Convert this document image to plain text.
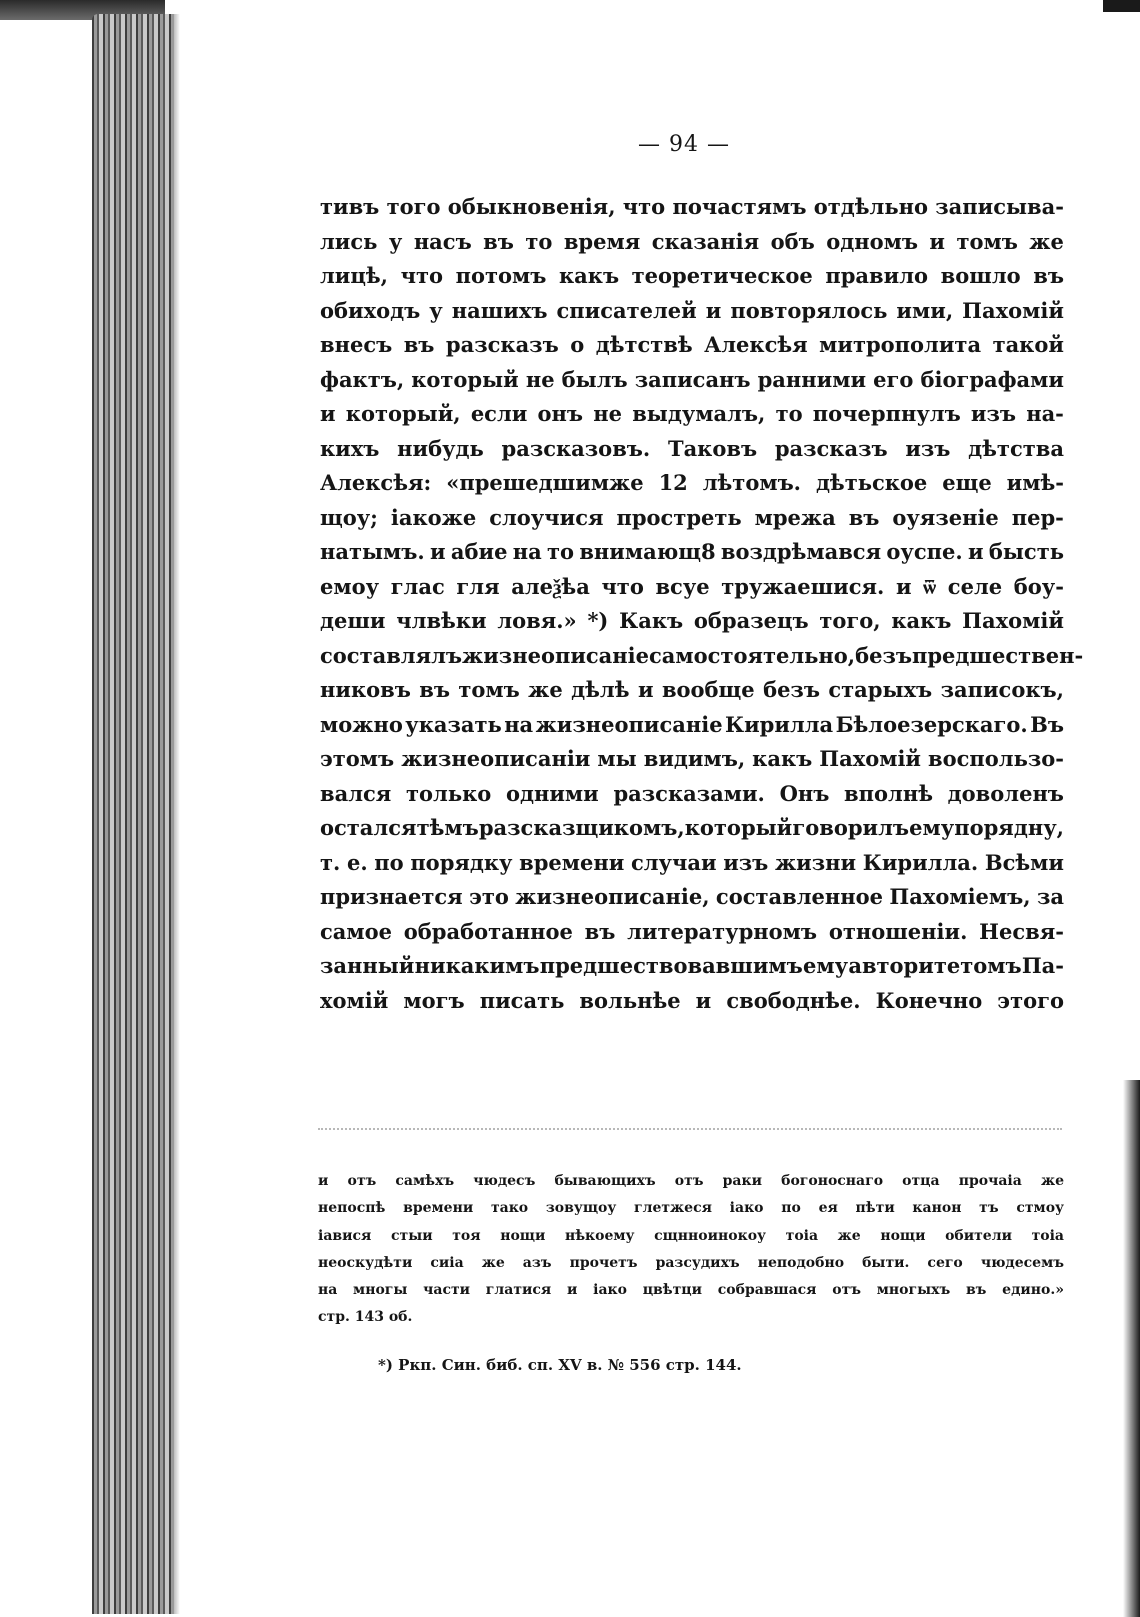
— 94 —
тивъ того обыкновенія, что почастямъ отдѣльно записыва-
лись у насъ въ то время сказанія объ одномъ и томъ же
лицѣ, что потомъ какъ теоретическое правило вошло въ
обиходъ у нашихъ списателей и повторялось ими, Пахомій
внесъ въ разсказъ о дѣтствѣ Алексѣя митрополита такой
фактъ, который не былъ записанъ ранними его біографами
и который, если онъ не выдумалъ, то почерпнулъ изъ на-
кихъ нибудь разсказовъ. Таковъ разсказъ изъ дѣтства
Алексѣя: «прешедшимже 12 лѣтомъ. дѣтьское еще имѣ-
щоу; іакоже слоучися простреть мрежа въ оуязеніе пер-
натымъ. и абие на то внимающ8 воздрѣмався оуспе. и бысть
емоу глас гля алеѯѣа что всуе тружаешися. и ѿ селе боу-
деши члвѣки ловя.» *) Какъ образецъ того, какъ Пахомій
составлялъ жизнеописаніе самостоятельно, безъ предшествен-
никовъ въ томъ же дѣлѣ и вообще безъ старыхъ записокъ,
можно указать на жизнеописаніе Кирилла Бѣлоезерскаго. Въ
этомъ жизнеописаніи мы видимъ, какъ Пахомій воспользо-
вался только одними разсказами. Онъ вполнѣ доволенъ
остался тѣмъ разсказщикомъ, который говорилъ ему порядну,
т. е. по порядку времени случаи изъ жизни Кирилла. Всѣми
признается это жизнеописаніе, составленное Пахоміемъ, за
самое обработанное въ литературномъ отношеніи. Несвя-
занный никакимъ предшествовавшимъ ему авторитетомъ Па-
хомій могъ писать вольнѣе и свободнѣе. Конечно этого
и отъ самѣхъ чюдесъ бывающихъ отъ раки богоноснаго отца прочаіа же
непоспѣ времени тако зовущоу глетжеся іако по ея пѣти канон тъ стмоу
іавися стыи тоя нощи нѣкоему сщнноинокоу тоіа же нощи обители тоіа
неоскудѣти сиіа же азъ прочетъ разсудихъ неподобно быти. сего чюдесемъ
на многы части глатися и іако цвѣтци собравшася отъ многыхъ въ едино.»
стр. 143 об.
*) Ркп. Син. биб. сп. XV в. № 556 стр. 144.
